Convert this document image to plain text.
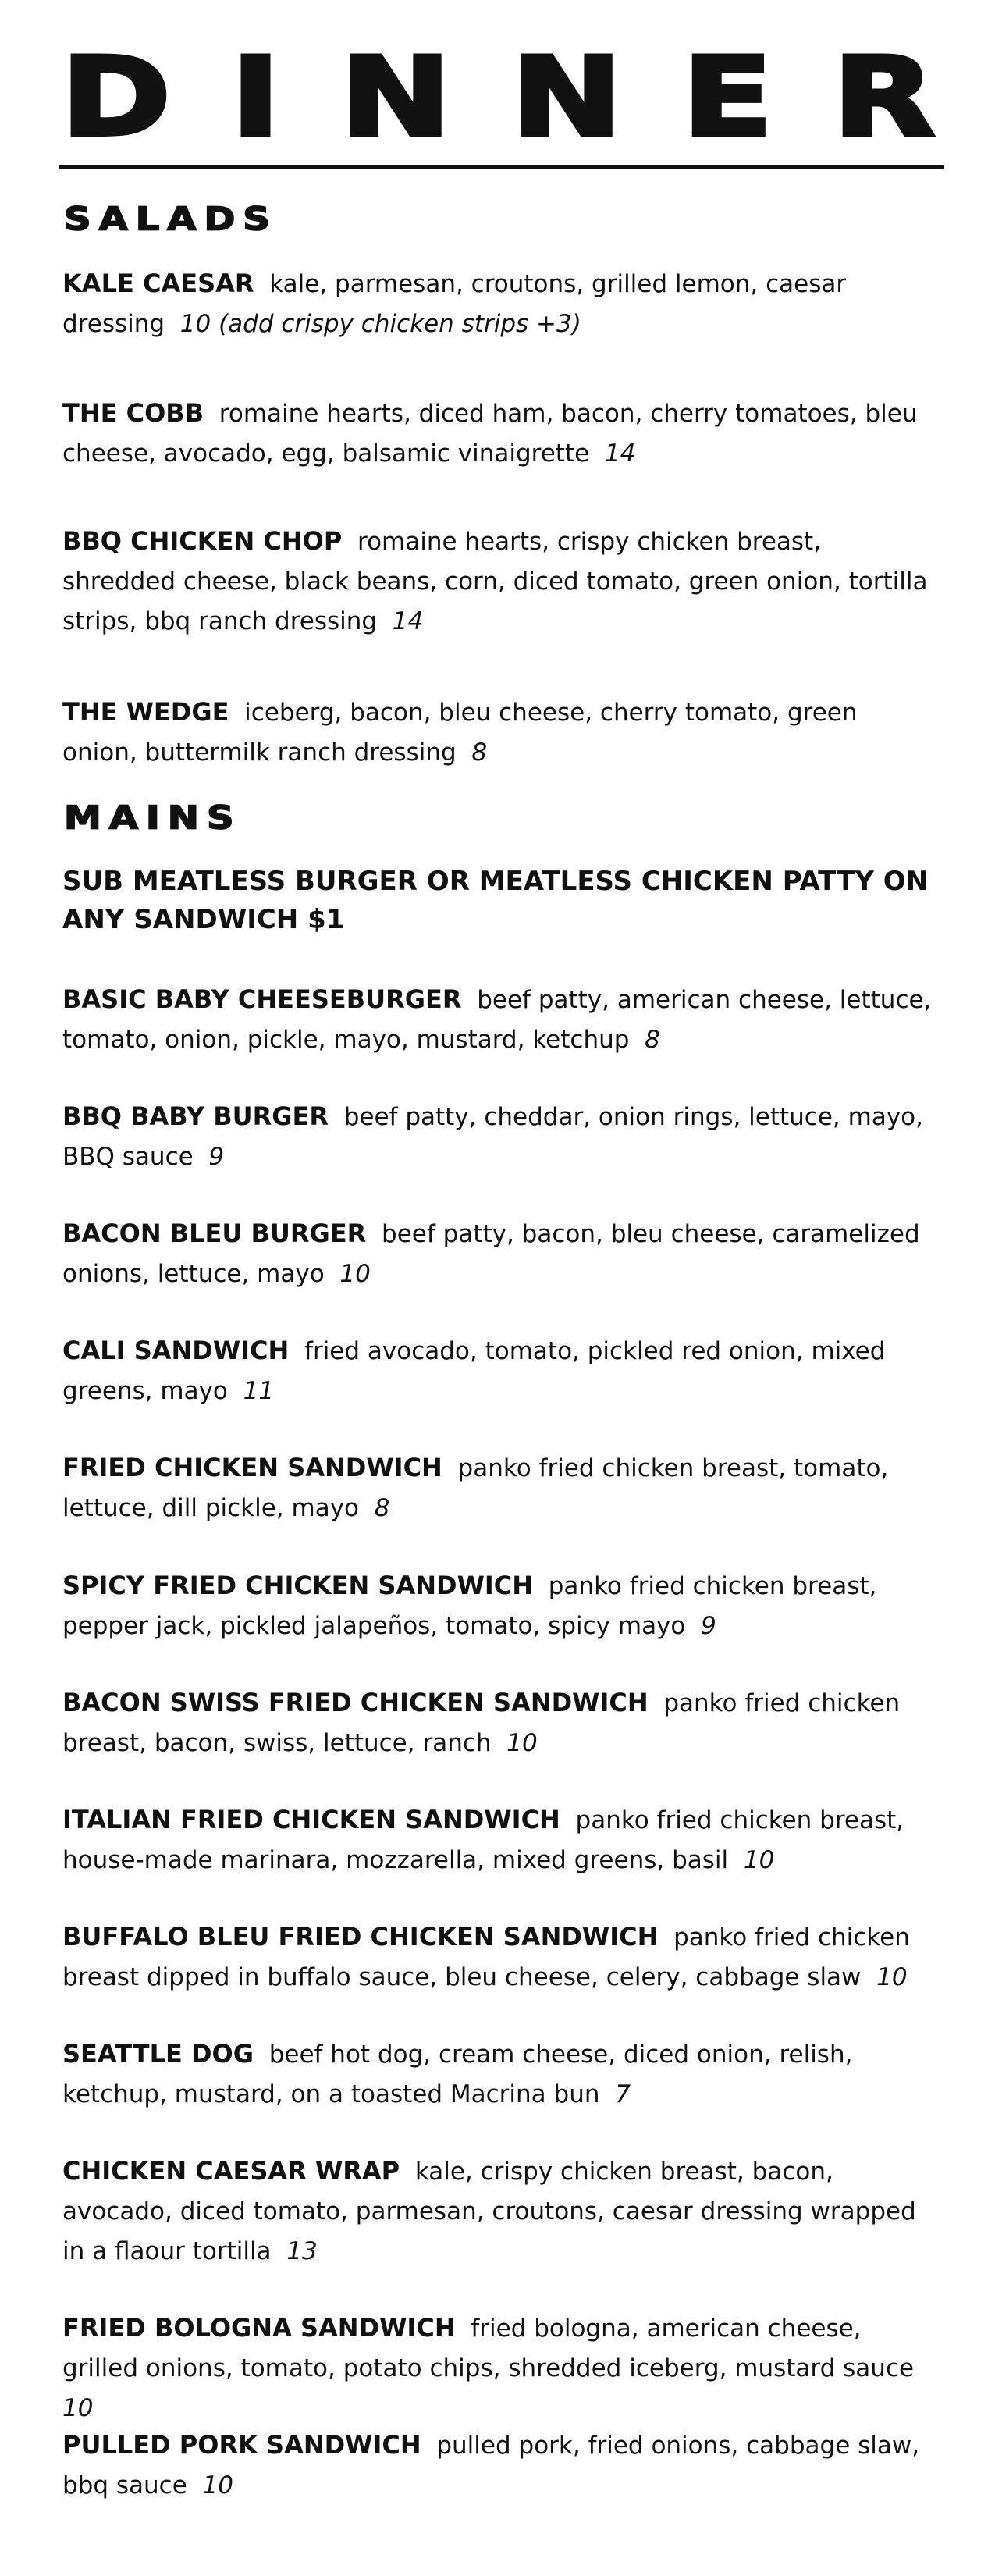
D I N N E R
SALADS
KALE CAESAR kale, parmesan, croutons, grilled lemon, caesar dressing 10 (add crispy chicken strips +3)
THE COBB romaine hearts, diced ham, bacon, cherry tomatoes, bleu cheese, avocado, egg, balsamic vinaigrette 14
BBQ CHICKEN CHOP romaine hearts, crispy chicken breast, shredded cheese, black beans, corn, diced tomato, green onion, tortilla strips, bbq ranch dressing 14
THE WEDGE iceberg, bacon, bleu cheese, cherry tomato, green onion, buttermilk ranch dressing 8
MAINS
SUB MEATLESS BURGER OR MEATLESS CHICKEN PATTY ON ANY SANDWICH $1
BASIC BABY CHEESEBURGER beef patty, american cheese, lettuce, tomato, onion, pickle, mayo, mustard, ketchup 8
BBQ BABY BURGER beef patty, cheddar, onion rings, lettuce, mayo, BBQ sauce 9
BACON BLEU BURGER beef patty, bacon, bleu cheese, caramelized onions, lettuce, mayo 10
CALI SANDWICH fried avocado, tomato, pickled red onion, mixed greens, mayo 11
FRIED CHICKEN SANDWICH panko fried chicken breast, tomato, lettuce, dill pickle, mayo 8
SPICY FRIED CHICKEN SANDWICH panko fried chicken breast, pepper jack, pickled jalapeños, tomato, spicy mayo 9
BACON SWISS FRIED CHICKEN SANDWICH panko fried chicken breast, bacon, swiss, lettuce, ranch 10
ITALIAN FRIED CHICKEN SANDWICH panko fried chicken breast, house-made marinara, mozzarella, mixed greens, basil 10
BUFFALO BLEU FRIED CHICKEN SANDWICH panko fried chicken breast dipped in buffalo sauce, bleu cheese, celery, cabbage slaw 10
SEATTLE DOG beef hot dog, cream cheese, diced onion, relish, ketchup, mustard, on a toasted Macrina bun 7
CHICKEN CAESAR WRAP kale, crispy chicken breast, bacon, avocado, diced tomato, parmesan, croutons, caesar dressing wrapped in a flaour tortilla 13
FRIED BOLOGNA SANDWICH fried bologna, american cheese, grilled onions, tomato, potato chips, shredded iceberg, mustard sauce  10
PULLED PORK SANDWICH pulled pork, fried onions, cabbage slaw, bbq sauce 10
